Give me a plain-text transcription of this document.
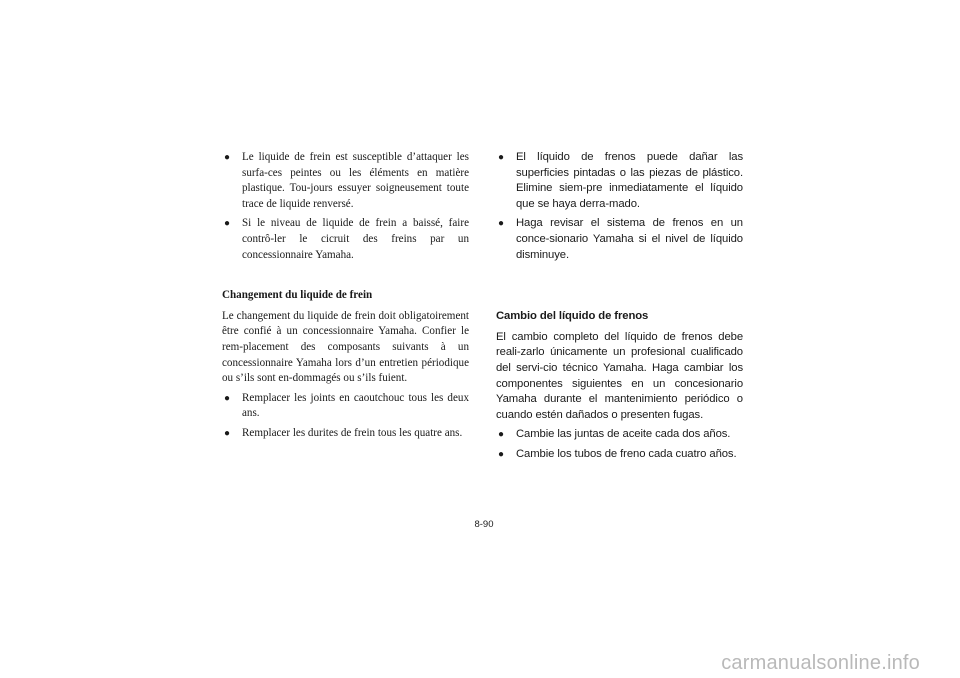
● Le liquide de frein est susceptible d’attaquer les surfa-ces peintes ou les éléments en matière plastique. Tou-jours essuyer soigneusement toute trace de liquide renversé.
● Si le niveau de liquide de frein a baissé, faire contrô-ler le cicruit des freins par un concessionnaire Yamaha.
Changement du liquide de frein
Le changement du liquide de frein doit obligatoirement être confié à un concessionnaire Yamaha. Confier le rem-placement des composants suivants à un concessionnaire Yamaha lors d’un entretien périodique ou s’ils sont en-dommagés ou s’ils fuient.
● Remplacer les joints en caoutchouc tous les deux ans.
● Remplacer les durites de frein tous les quatre ans.
● El líquido de frenos puede dañar las superficies pintadas o las piezas de plástico. Elimine siem-pre inmediatamente el líquido que se haya derra-mado.
● Haga revisar el sistema de frenos en un conce-sionario Yamaha si el nivel de líquido disminuye.
Cambio del líquido de frenos
El cambio completo del líquido de frenos debe reali-zarlo únicamente un profesional cualificado del servi-cio técnico Yamaha. Haga cambiar los componentes siguientes en un concesionario Yamaha durante el mantenimiento periódico o cuando estén dañados o presenten fugas.
● Cambie las juntas de aceite cada dos años.
● Cambie los tubos de freno cada cuatro años.
8-90
carmanualsonline.info
